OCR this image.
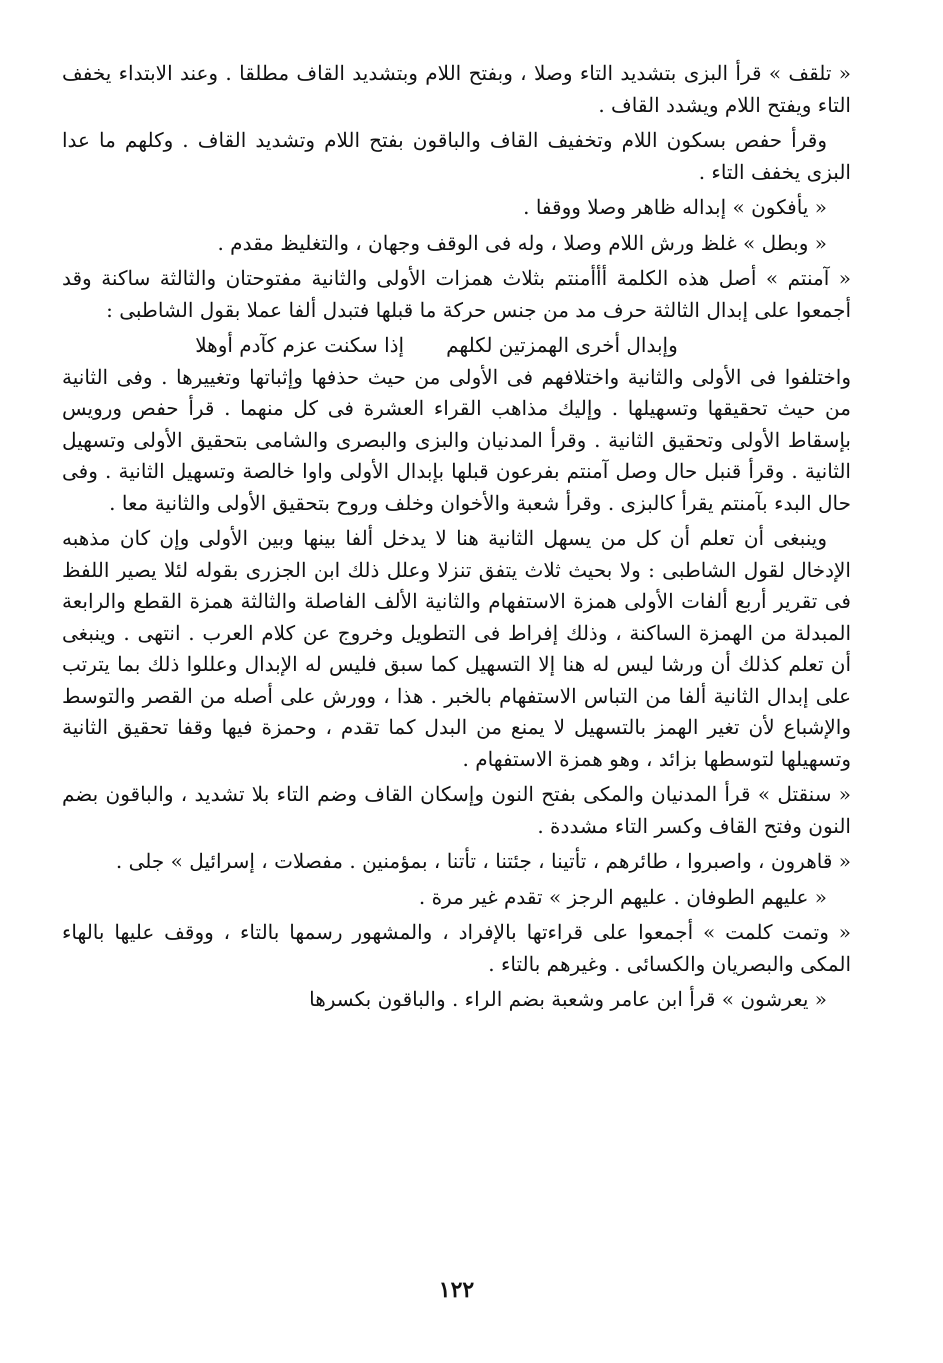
« تلقف » قرأ البزى بتشديد التاء وصلا ، وبفتح اللام وبتشديد القاف مطلقا . وعند الابتداء يخفف التاء ويفتح اللام ويشدد القاف .

وقرأ حفص بسكون اللام وتخفيف القاف والباقون بفتح اللام وتشديد القاف . وكلهم ما عدا البزى يخفف التاء .

« يأفكون » إبداله ظاهر وصلا ووقفا .

« وبطل » غلظ ورش اللام وصلا ، وله فى الوقف وجهان ، والتغليظ مقدم .

« آمنتم » أصل هذه الكلمة أأأمنتم بثلاث همزات الأولى والثانية مفتوحتان والثالثة ساكنة وقد أجمعوا على إبدال الثالثة حرف مد من جنس حركة ما قبلها فتبدل ألفا عملا بقول الشاطبى :

وإبدال أخرى الهمزتين لكلهم
إذا سكنت عزم كآدم أوهلا

واختلفوا فى الأولى والثانية واختلافهم فى الأولى من حيث حذفها وإثباتها وتغييرها . وفى الثانية من حيث تحقيقها وتسهيلها . وإليك مذاهب القراء العشرة فى كل منهما . قرأ حفص ورويس بإسقاط الأولى وتحقيق الثانية . وقرأ المدنيان والبزى والبصرى والشامى بتحقيق الأولى وتسهيل الثانية . وقرأ قنبل حال وصل آمنتم بفرعون قبلها بإبدال الأولى واوا خالصة وتسهيل الثانية . وفى حال البدء بآمنتم يقرأ كالبزى . وقرأ شعبة والأخوان وخلف وروح بتحقيق الأولى والثانية معا .

وينبغى أن تعلم أن كل من يسهل الثانية هنا لا يدخل ألفا بينها وبين الأولى وإن كان مذهبه الإدخال لقول الشاطبى : ولا بحيث ثلاث يتفق تنزلا وعلل ذلك ابن الجزرى بقوله لئلا يصير اللفظ فى تقرير أربع ألفات الأولى همزة الاستفهام والثانية الألف الفاصلة والثالثة همزة القطع والرابعة المبدلة من الهمزة الساكنة ، وذلك إفراط فى التطويل وخروج عن كلام العرب . انتهى . وينبغى أن تعلم كذلك أن ورشا ليس له هنا إلا التسهيل كما سبق فليس له الإبدال وعللوا ذلك بما يترتب على إبدال الثانية ألفا من التباس الاستفهام بالخبر . هذا ، وورش على أصله من القصر والتوسط والإشباع لأن تغير الهمز بالتسهيل لا يمنع من البدل كما تقدم ، وحمزة فيها وقفا تحقيق الثانية وتسهيلها لتوسطها بزائد ، وهو همزة الاستفهام .

« سنقتل » قرأ المدنيان والمكى بفتح النون وإسكان القاف وضم التاء بلا تشديد ، والباقون بضم النون وفتح القاف وكسر التاء مشددة .

« قاهرون ، واصبروا ، طائرهم ، تأتينا ، جئتنا ، تأتنا ، بمؤمنين . مفصلات ، إسرائيل » جلى .

« عليهم الطوفان . عليهم الرجز » تقدم غير مرة .

« وتمت كلمت » أجمعوا على قراءتها بالإفراد ، والمشهور رسمها بالتاء ، ووقف عليها بالهاء المكى والبصريان والكسائى . وغيرهم بالتاء .

« يعرشون » قرأ ابن عامر وشعبة بضم الراء . والباقون بكسرها

١٢٢
